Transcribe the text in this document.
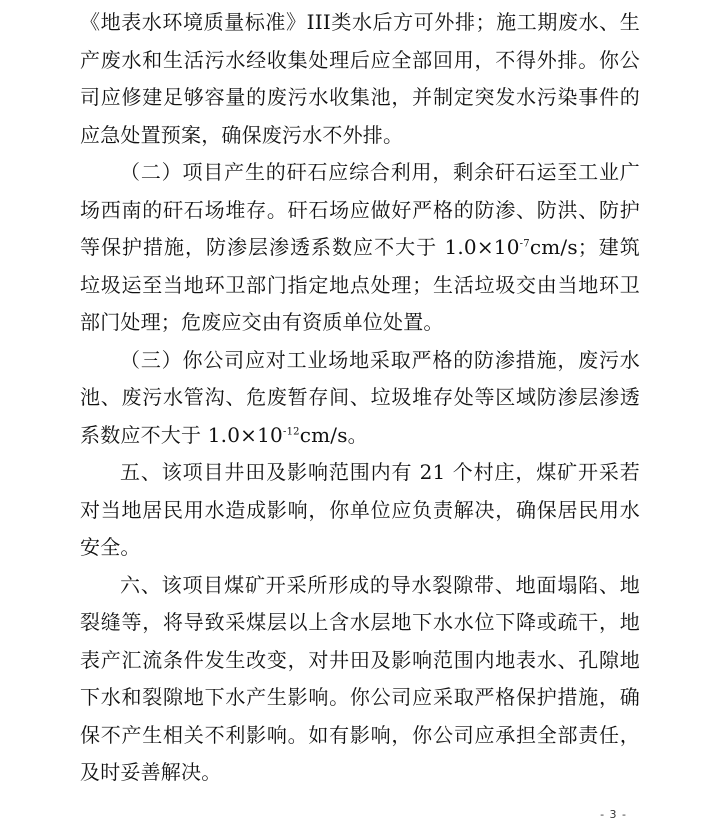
《地表水环境质量标准》III类水后方可外排；施工期废水、生产废水和生活污水经收集处理后应全部回用，不得外排。你公司应修建足够容量的废污水收集池，并制定突发水污染事件的应急处置预案，确保废污水不外排。

（二）项目产生的矸石应综合利用，剩余矸石运至工业广场西南的矸石场堆存。矸石场应做好严格的防渗、防洪、防护等保护措施，防渗层渗透系数应不大于 $1.0\times 10^{-7}cm/s$；建筑垃圾运至当地环卫部门指定地点处理；生活垃圾交由当地环卫部门处理；危废应交由有资质单位处置。

（三）你公司应对工业场地采取严格的防渗措施，废污水池、废污水管沟、危废暂存间、垃圾堆存处等区域防渗层渗透系数应不大于 $1.0\times 10^{-12}cm/s$。

五、该项目井田及影响范围内有 21 个村庄，煤矿开采若对当地居民用水造成影响，你单位应负责解决，确保居民用水安全。

六、该项目煤矿开采所形成的导水裂隙带、地面塌陷、地裂缝等，将导致采煤层以上含水层地下水水位下降或疏干，地表产汇流条件发生改变，对井田及影响范围内地表水、孔隙地下水和裂隙地下水产生影响。你公司应采取严格保护措施，确保不产生相关不利影响。如有影响，你公司应承担全部责任，及时妥善解决。

- 3 -
